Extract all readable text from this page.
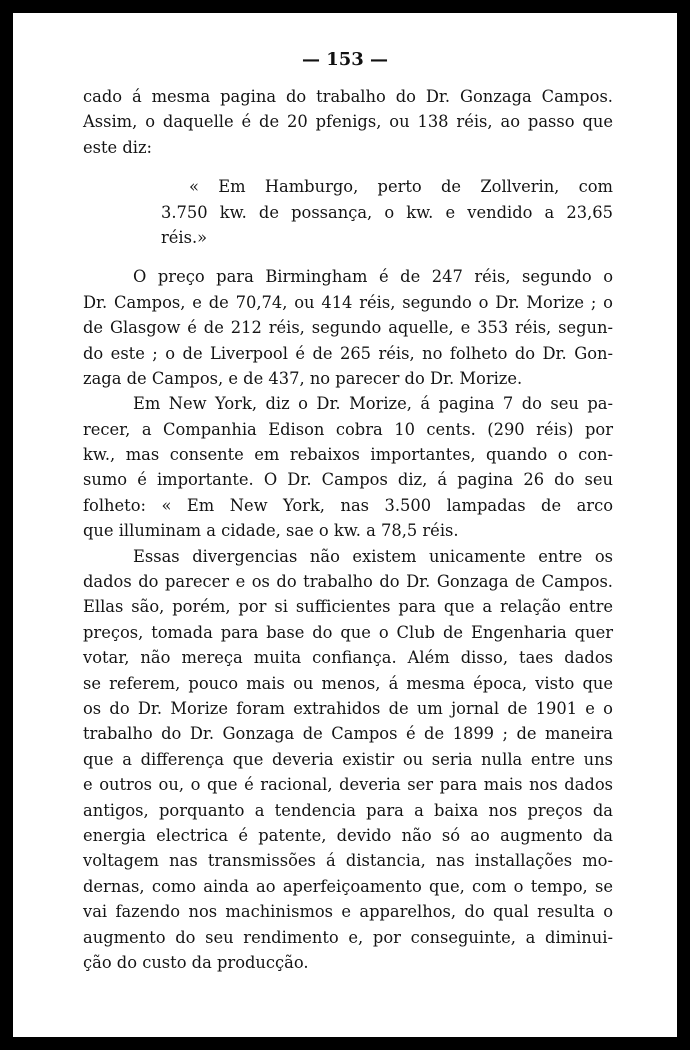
— 153 —
cado á mesma pagina do trabalho do Dr. Gonzaga Campos.
Assim, o daquelle é de 20 pfenigs, ou 138 réis, ao passo que
este diz:
« Em Hamburgo, perto de Zollverin, com
3.750 kw. de possança, o kw. e vendido a 23,65
réis.»
O preço para Birmingham é de 247 réis, segundo o
Dr. Campos, e de 70,74, ou 414 réis, segundo o Dr. Morize ; o
de Glasgow é de 212 réis, segundo aquelle, e 353 réis, segun-
do este ; o de Liverpool é de 265 réis, no folheto do Dr. Gon-
zaga de Campos, e de 437, no parecer do Dr. Morize.
Em New York, diz o Dr. Morize, á pagina 7 do seu pa-
recer, a Companhia Edison cobra 10 cents. (290 réis) por
kw., mas consente em rebaixos importantes, quando o con-
sumo é importante. O Dr. Campos diz, á pagina 26 do seu
folheto: « Em New York, nas 3.500 lampadas de arco
que illuminam a cidade, sae o kw. a 78,5 réis.
Essas divergencias não existem unicamente entre os
dados do parecer e os do trabalho do Dr. Gonzaga de Campos.
Ellas são, porém, por si sufficientes para que a relação entre
preços, tomada para base do que o Club de Engenharia quer
votar, não mereça muita confiança. Além disso, taes dados
se referem, pouco mais ou menos, á mesma época, visto que
os do Dr. Morize foram extrahidos de um jornal de 1901 e o
trabalho do Dr. Gonzaga de Campos é de 1899 ; de maneira
que a differença que deveria existir ou seria nulla entre uns
e outros ou, o que é racional, deveria ser para mais nos dados
antigos, porquanto a tendencia para a baixa nos preços da
energia electrica é patente, devido não só ao augmento da
voltagem nas transmissões á distancia, nas installações mo-
dernas, como ainda ao aperfeiçoamento que, com o tempo, se
vai fazendo nos machinismos e apparelhos, do qual resulta o
augmento do seu rendimento e, por conseguinte, a diminui-
ção do custo da producção.
